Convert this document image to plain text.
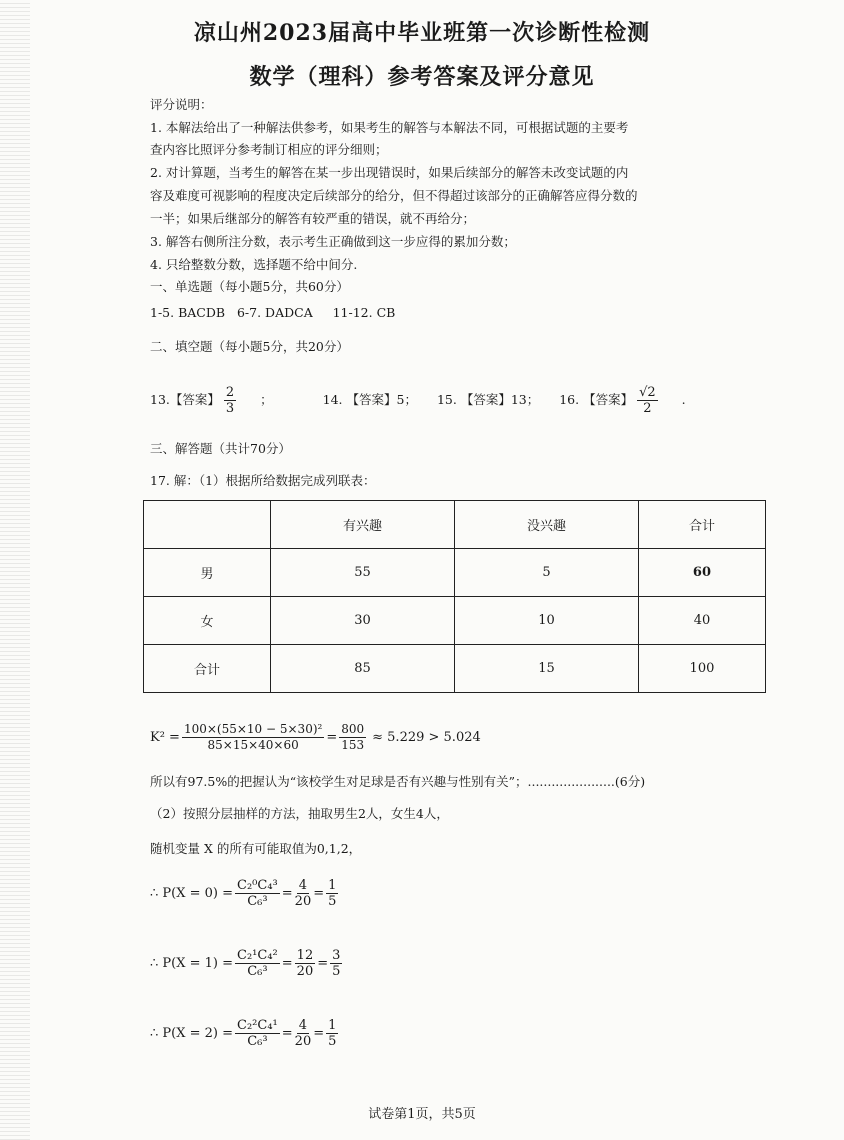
凉山州2023届高中毕业班第一次诊断性检测
数学（理科）参考答案及评分意见
评分说明：
1. 本解法给出了一种解法供参考，如果考生的解答与本解法不同，可根据试题的主要考
查内容比照评分参考制订相应的评分细则；
2. 对计算题，当考生的解答在某一步出现错误时，如果后续部分的解答未改变试题的内
容及难度可视影响的程度决定后续部分的给分，但不得超过该部分的正确解答应得分数的
一半；如果后继部分的解答有较严重的错误，就不再给分；
3. 解答右侧所注分数，表示考生正确做到这一步应得的累加分数；
4. 只给整数分数，选择题不给中间分.
一、单选题（每小题5分，共60分）
1-5. BACDB   6-7. DADCA     11-12. CB
二、填空题（每小题5分，共20分）
13.【答案】 $\frac{2}{3}$ ；	14. 【答案】5； 15. 【答案】13； 16. 【答案】 $\frac{√2}{2}$ .
三、解答题（共计70分）
17. 解：（1）根据所给数据完成列联表：
	有兴趣	没兴趣	合计
男	55	5	60
女	30	10	40
合计	85	15	100
$K^2 = \frac{\text{100×(55×10 − 5×30)²}}{85\times 15\times 40\times 60} = \frac{800}{153} \approx 5.229 > 5.024$
所以有97.5%的把握认为“该校学生对足球是否有兴趣与性别有关”；......................(6分)
（2）按照分层抽样的方法，抽取男生2人，女生4人，
随机变量 X 的所有可能取值为0,1,2，
∴ $P(X = 0) = \frac{\text{C₂⁰C₄³}}{\text{C₆³}} = \frac{4}{20} = \frac{1}{5}$
∴ $P(X = 1) = \frac{\text{C₂¹C₄²}}{\text{C₆³}} = \frac{12}{20} = \frac{3}{5}$
∴ $P(X = 2) = \frac{\text{C₂²C₄¹}}{\text{C₆³}} = \frac{4}{20} = \frac{1}{5}$
试卷第1页，共5页
